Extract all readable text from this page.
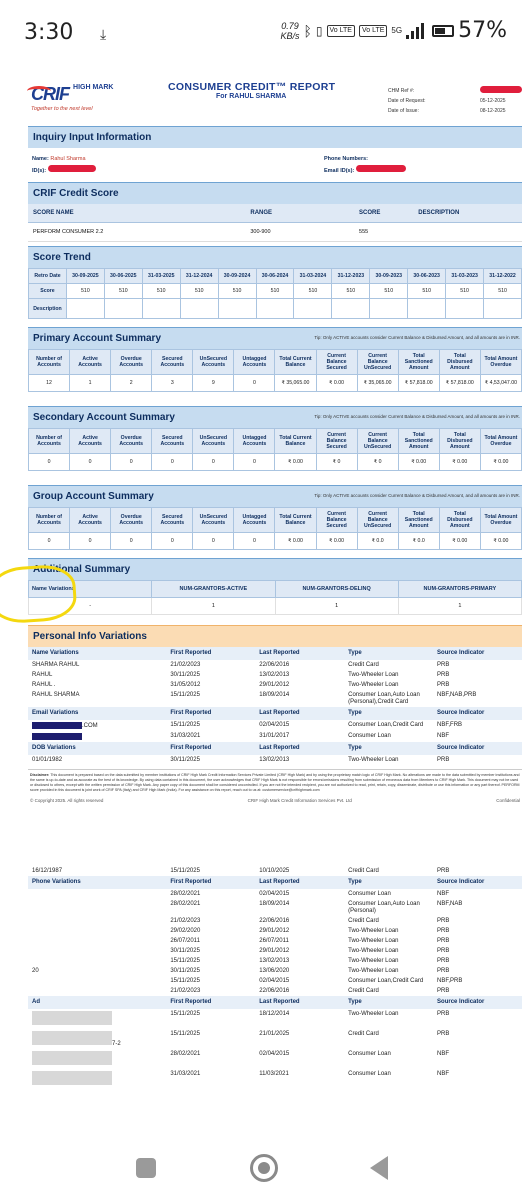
3:30 ⤓
0.79
KB/s ᛒ ▯	Vo LTE	Vo LTE 5G	57%
CRIF $^{HIGH MARK}$
Together to the next level
CONSUMER CREDIT™ REPORT
For RAHUL SHARMA
CHM Ref #:
Date of Request:	05-12-2025
Date of Issue:	08-12-2025
Inquiry Input Information
Name: Rahul Sharma
ID(s):
Phone Numbers:
Email ID(s):
CRIF Credit Score
SCORE NAME	RANGE	SCORE	DESCRIPTION
PERFORM CONSUMER 2.2	300-900	555	
Score Trend
Retro Date	30-09-2025	30-06-2025	31-03-2025	31-12-2024	30-09-2024	30-06-2024	31-03-2024	31-12-2023	30-09-2023	30-06-2023	31-03-2023	31-12-2022
Score	510	510	510	510	510	510	510	510	510	510	510	510
Description												
Primary Account Summary	Tip: Only ACTIVE accounts consider Current Balance & Disbursed Amount, and all amounts are in INR.
Number of Accounts	Active Accounts	Overdue Accounts	Secured Accounts	UnSecured Accounts	Untagged Accounts	Total Current Balance	Current Balance Secured	Current Balance UnSecured	Total Sanctioned Amount	Total Disbursed Amount	Total Amount Overdue
12	1	2	3	9	0	₹ 35,065.00	₹ 0.00	₹ 35,065.00	₹ 57,818.00	₹ 57,818.00	₹ 4,53,047.00
Secondary Account Summary	Tip: Only ACTIVE accounts consider Current Balance & Disbursed Amount, and all amounts are in INR.
Number of Accounts	Active Accounts	Overdue Accounts	Secured Accounts	UnSecured Accounts	Untagged Accounts	Total Current Balance	Current Balance Secured	Current Balance UnSecured	Total Sanctioned Amount	Total Disbursed Amount	Total Amount Overdue
0	0	0	0	0	0	₹ 0.00	₹ 0	₹ 0	₹ 0.00	₹ 0.00	₹ 0.00
Group Account Summary	Tip: Only ACTIVE accounts consider Current Balance & Disbursed Amount, and all amounts are in INR.
Number of Accounts	Active Accounts	Overdue Accounts	Secured Accounts	UnSecured Accounts	Untagged Accounts	Total Current Balance	Current Balance Secured	Current Balance UnSecured	Total Sanctioned Amount	Total Disbursed Amount	Total Amount Overdue
0	0	0	0	0	0	₹ 0.00	₹ 0.00	₹ 0.0	₹ 0.0	₹ 0.00	₹ 0.00
Additional Summary
Name Variations	NUM-GRANTORS-ACTIVE	NUM-GRANTORS-DELINQ	NUM-GRANTORS-PRIMARY
-	1	1	1
Personal Info Variations
Name Variations	First Reported	Last Reported	Type	Source Indicator
SHARMA RAHUL	21/02/2023	22/06/2016	Credit Card	PRB
RAHUL	30/11/2025	13/02/2013	Two-Wheeler Loan	PRB
RAHUL .	31/05/2012	29/01/2012	Two-Wheeler Loan	PRB
RAHUL SHARMA	15/11/2025	18/09/2014	Consumer Loan,Auto Loan (Personal),Credit Card	NBF,NAB,PRB
Email Variations	First Reported	Last Reported	Type	Source Indicator
.COM	15/11/2025	02/04/2015	Consumer Loan,Credit Card	NBF,FRB
	31/03/2021	31/01/2017	Consumer Loan	NBF
DOB Variations	First Reported	Last Reported	Type	Source Indicator
01/01/1982	30/11/2025	13/02/2013	Two-Wheeler Loan	PRB
Disclaimer: This document is prepared based on the data submitted by member institutions of CRIF High Mark Credit Information Services Private Limited (CRIF High Mark) and by using the proprietary match logic of CRIF High Mark. No alterations are made to the data submitted by member institutions and the same is up-to-date and as accurate as the best of its knowledge. By using data contained in this document, the user acknowledges that CRIF High Mark is not responsible for errors/omissions resulting from submission of erroneous data from Members to CRIF High Mark. This document may not be used or disclosed to others, except with the written permission of CRIF High Mark. Any paper copy of this document shall be considered uncontrolled. If you are not the intended recipient, you are not authorized to read, print, retain, copy, disseminate, distribute or use this information or any part thereof. PERFORM score provided in this document is joint work of CRIF SPA (Italy) and CRIF High Mark (India). For any assistance on this report, reach out to us at: customerservice@crifhighmark.com
© Copyright 2025. All rights reserved	CRIF High Mark Credit Information Services Pvt. Ltd	Confidential
16/12/1987	15/11/2025	10/10/2025	Credit Card	PRB
Phone Variations	First Reported	Last Reported	Type	Source Indicator
	28/02/2021	02/04/2015	Consumer Loan	NBF
	28/02/2021	18/09/2014	Consumer Loan,Auto Loan (Personal)	NBF,NAB
	21/02/2023	22/06/2016	Credit Card	PRB
	29/02/2020	29/01/2012	Two-Wheeler Loan	PRB
	26/07/2011	26/07/2011	Two-Wheeler Loan	PRB
	30/11/2025	29/01/2012	Two-Wheeler Loan	PRB
	15/11/2025	13/02/2013	Two-Wheeler Loan	PRB
20	30/11/2025	13/06/2020	Two-Wheeler Loan	PRB
	15/11/2025	02/04/2015	Consumer Loan,Credit Card	NBF,PRB
	21/02/2023	22/06/2016	Credit Card	PRB
Ad	First Reported	Last Reported	Type	Source Indicator
	15/11/2025	18/12/2014	Two-Wheeler Loan	PRB
7-2	15/11/2025	21/01/2025	Credit Card	PRB
	28/02/2021	02/04/2015	Consumer Loan	NBF
	31/03/2021	11/03/2021	Consumer Loan	NBF
